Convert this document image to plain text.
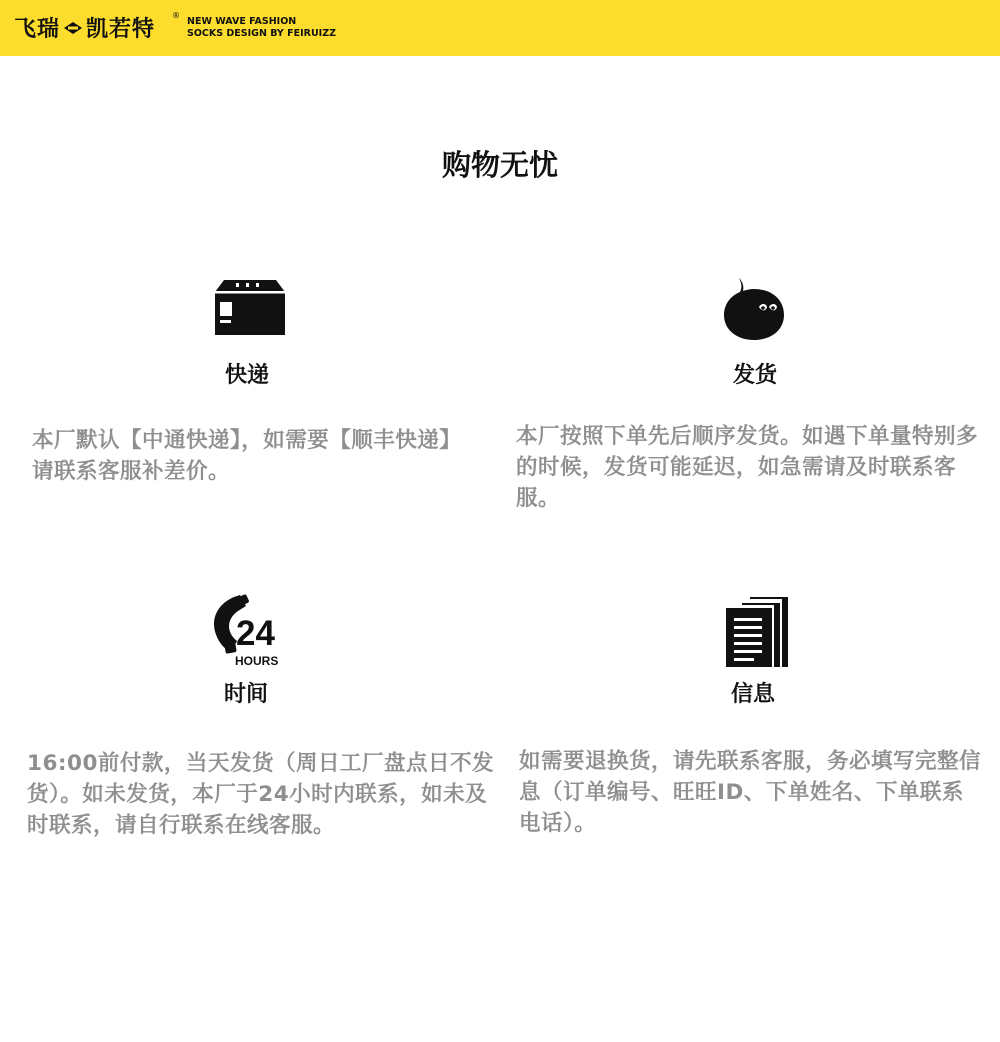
飞瑞 凯若特
®
NEW WAVE FASHION
SOCKS DESIGN BY FEIRUIZZ
购物无忧
快递
本厂默认【中通快递】，如需要【顺丰快递】请联系客服补差价。
发货
本厂按照下单先后顺序发货。如遇下单量特别多的时候，发货可能延迟，如急需请及时联系客服。
24
HOURS
时间
16:00前付款，当天发货（周日工厂盘点日不发货）。如未发货，本厂于24小时内联系，如未及时联系，请自行联系在线客服。
信息
如需要退换货，请先联系客服，务必填写完整信息（订单编号、旺旺ID、下单姓名、下单联系电话）。
